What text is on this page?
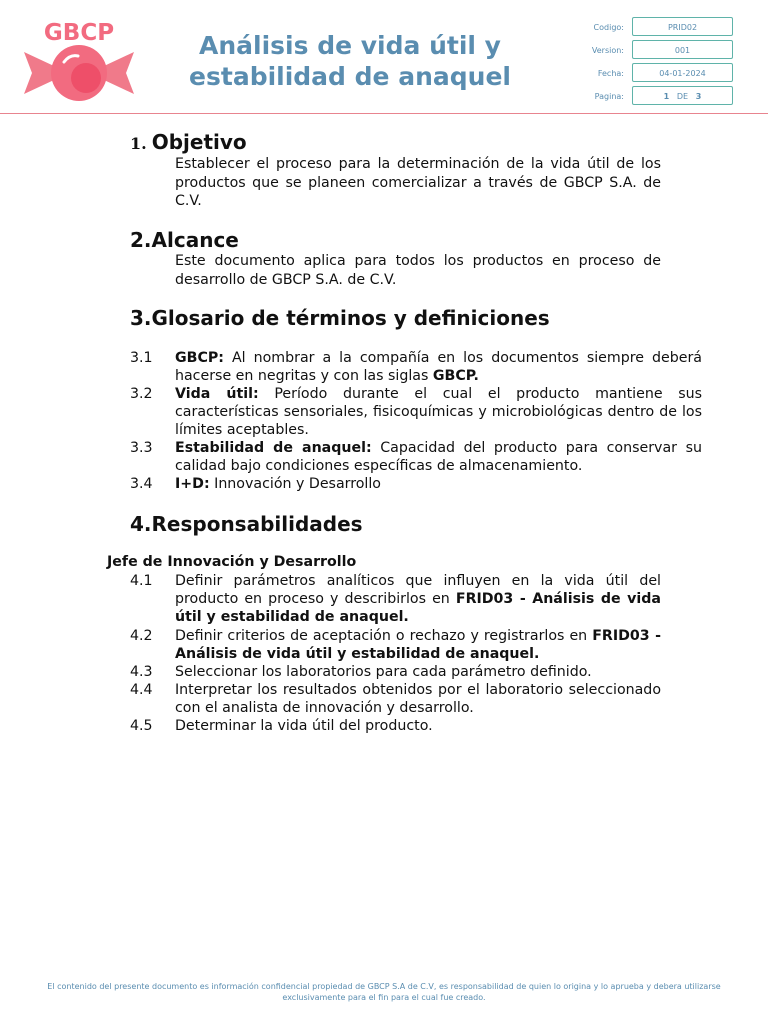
GBCP	Análisis de vida útil y
estabilidad de anaquel
Codigo:	PRID02
Version:	001
Fecha:	04-01-2024
Pagina:	1 DE 3
1. Objetivo
Establecer el proceso para la determinación de la vida útil de los productos que se planeen comercializar a través de GBCP S.A. de C.V.
2.Alcance
Este documento aplica para todos los productos en proceso de desarrollo de GBCP S.A. de C.V.
3.Glosario de términos y definiciones
3.1	GBCP: Al nombrar a la compañía en los documentos siempre deberá hacerse en negritas y con las siglas GBCP.
3.2	Vida útil: Período durante el cual el producto mantiene sus características sensoriales, fisicoquímicas y microbiológicas dentro de los límites aceptables.
3.3	Estabilidad de anaquel: Capacidad del producto para conservar su calidad bajo condiciones específicas de almacenamiento.
3.4	I+D: Innovación y Desarrollo
4.Responsabilidades
Jefe de Innovación y Desarrollo
4.1	Definir parámetros analíticos que influyen en la vida útil del producto en proceso y describirlos en FRID03 - Análisis de vida útil y estabilidad de anaquel.
4.2	Definir criterios de aceptación o rechazo y registrarlos en FRID03 - Análisis de vida útil y estabilidad de anaquel.
4.3	Seleccionar los laboratorios para cada parámetro definido.
4.4	Interpretar los resultados obtenidos por el laboratorio seleccionado con el analista de innovación y desarrollo.
4.5	Determinar la vida útil del producto.
El contenido del presente documento es información confidencial propiedad de GBCP S.A de C.V, es responsabilidad de quien lo origina y lo aprueba y debera utilizarse exclusivamente para el fin para el cual fue creado.
